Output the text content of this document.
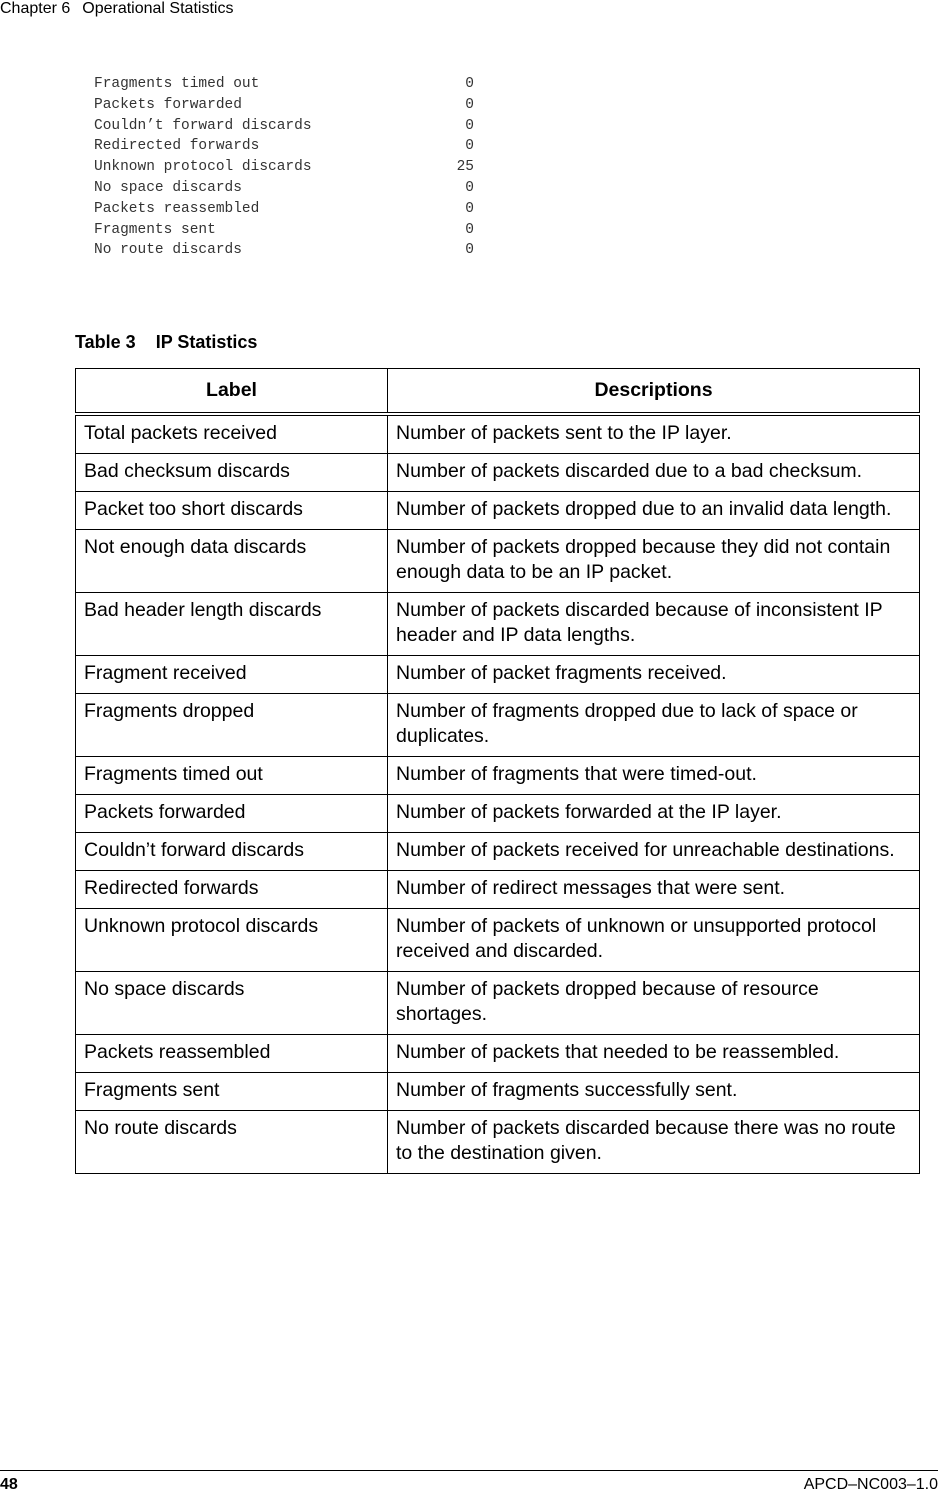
Chapter 6 Operational Statistics
Fragments timed out	0
Packets forwarded	0
Couldn’t forward discards	0
Redirected forwards	0
Unknown protocol discards	25
No space discards	0
Packets reassembled	0
Fragments sent	0
No route discards	0
Table 3 IP Statistics
Label	Descriptions
Total packets received	Number of packets sent to the IP layer.
Bad checksum discards	Number of packets discarded due to a bad checksum.
Packet too short discards	Number of packets dropped due to an invalid data length.
Not enough data discards	Number of packets dropped because they did not contain enough data to be an IP packet.
Bad header length discards	Number of packets discarded because of inconsistent IP header and IP data lengths.
Fragment received	Number of packet fragments received.
Fragments dropped	Number of fragments dropped due to lack of space or duplicates.
Fragments timed out	Number of fragments that were timed-out.
Packets forwarded	Number of packets forwarded at the IP layer.
Couldn’t forward discards	Number of packets received for unreachable destinations.
Redirected forwards	Number of redirect messages that were sent.
Unknown protocol discards	Number of packets of unknown or unsupported protocol received and discarded.
No space discards	Number of packets dropped because of resource shortages.
Packets reassembled	Number of packets that needed to be reassembled.
Fragments sent	Number of fragments successfully sent.
No route discards	Number of packets discarded because there was no route to the destination given.
48	APCD–NC003–1.0
